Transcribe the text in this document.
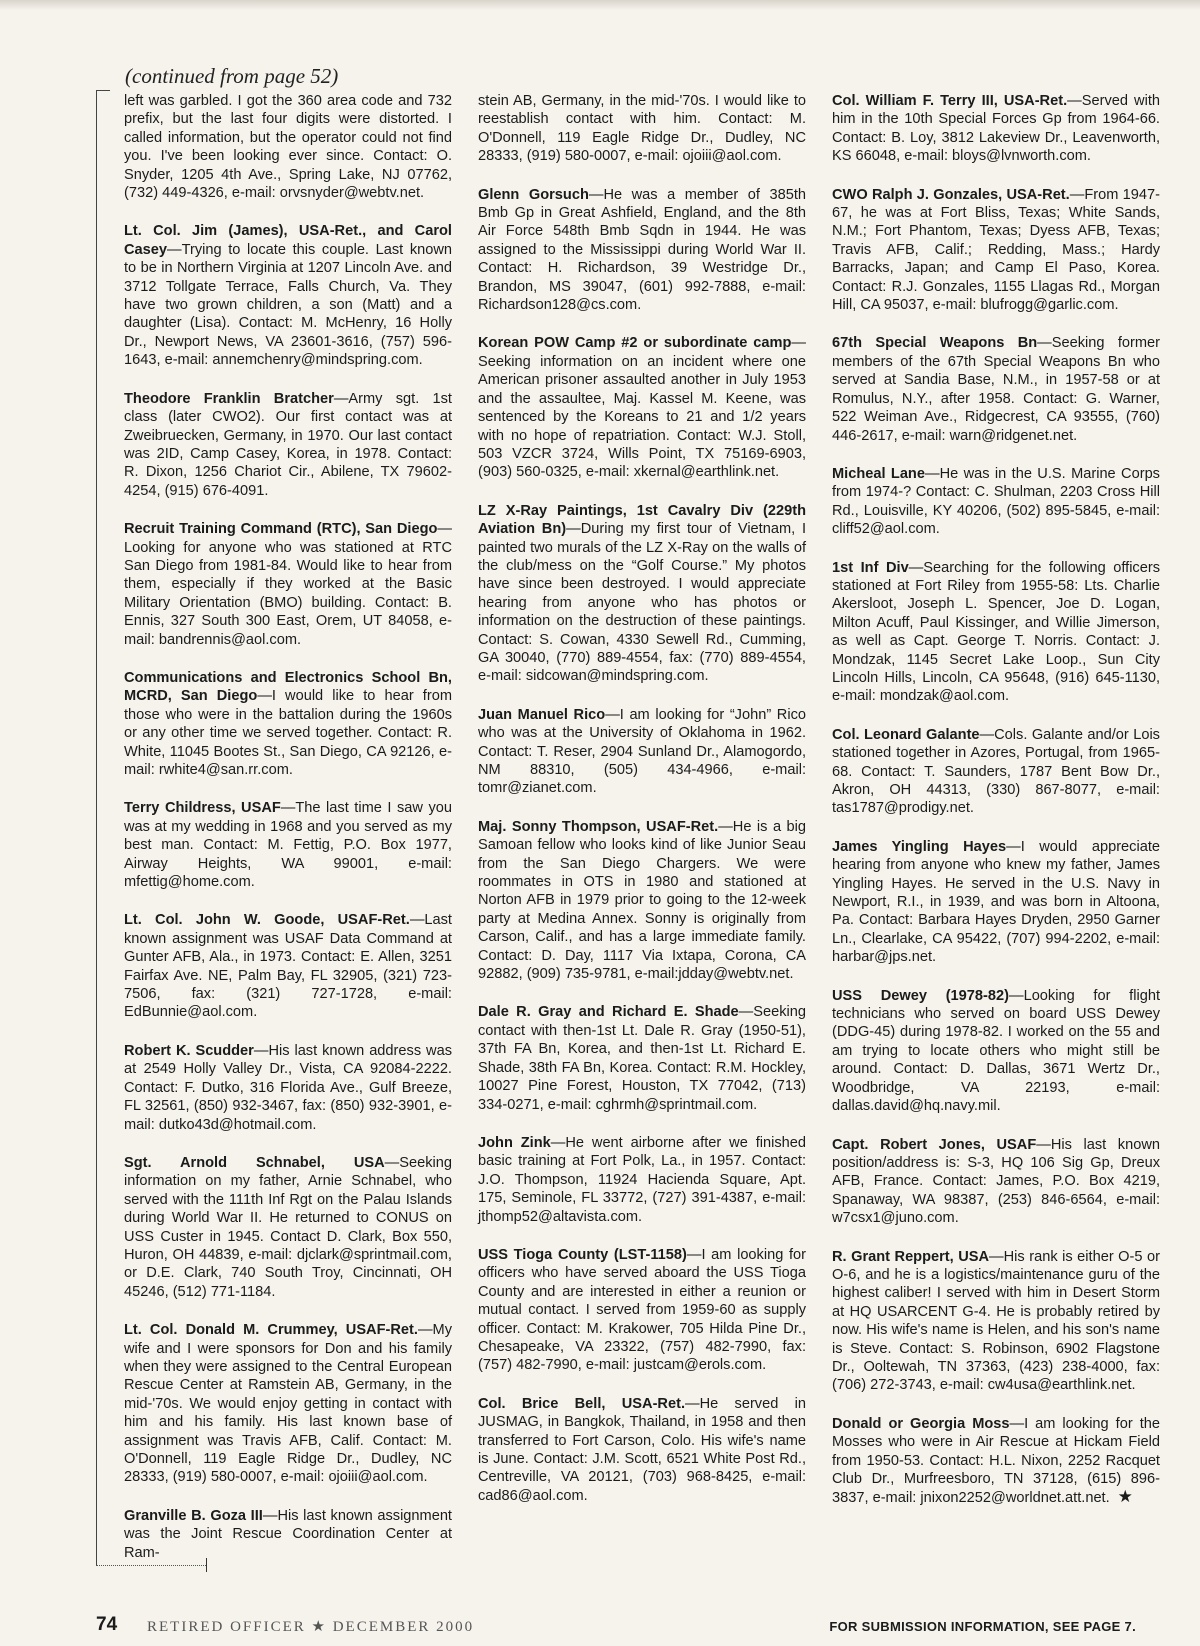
(continued from page 52)

left was garbled. I got the 360 area code and 732 prefix, but the last four digits were distorted. I called information, but the operator could not find you. I've been looking ever since. Contact: O. Snyder, 1205 4th Ave., Spring Lake, NJ 07762, (732) 449-4326, e-mail: orvsnyder@webtv.net.

Lt. Col. Jim (James), USA-Ret., and Carol Casey—Trying to locate this couple. Last known to be in Northern Virginia at 1207 Lincoln Ave. and 3712 Tollgate Terrace, Falls Church, Va. They have two grown children, a son (Matt) and a daughter (Lisa). Contact: M. McHenry, 16 Holly Dr., Newport News, VA 23601-3616, (757) 596-1643, e-mail: annemchenry@mindspring.com.

Theodore Franklin Bratcher—Army sgt. 1st class (later CWO2). Our first contact was at Zweibruecken, Germany, in 1970. Our last contact was 2ID, Camp Casey, Korea, in 1978. Contact: R. Dixon, 1256 Chariot Cir., Abilene, TX 79602-4254, (915) 676-4091.

Recruit Training Command (RTC), San Diego—Looking for anyone who was stationed at RTC San Diego from 1981-84. Would like to hear from them, especially if they worked at the Basic Military Orientation (BMO) building. Contact: B. Ennis, 327 South 300 East, Orem, UT 84058, e-mail: bandrennis@aol.com.

Communications and Electronics School Bn, MCRD, San Diego—I would like to hear from those who were in the battalion during the 1960s or any other time we served together. Contact: R. White, 11045 Bootes St., San Diego, CA 92126, e-mail: rwhite4@san.rr.com.

Terry Childress, USAF—The last time I saw you was at my wedding in 1968 and you served as my best man. Contact: M. Fettig, P.O. Box 1977, Airway Heights, WA 99001, e-mail: mfettig@home.com.

Lt. Col. John W. Goode, USAF-Ret.—Last known assignment was USAF Data Command at Gunter AFB, Ala., in 1973. Contact: E. Allen, 3251 Fairfax Ave. NE, Palm Bay, FL 32905, (321) 723-7506, fax: (321) 727-1728, e-mail: EdBunnie@aol.com.

Robert K. Scudder—His last known address was at 2549 Holly Valley Dr., Vista, CA 92084-2222. Contact: F. Dutko, 316 Florida Ave., Gulf Breeze, FL 32561, (850) 932-3467, fax: (850) 932-3901, e-mail: dutko43d@hotmail.com.

Sgt. Arnold Schnabel, USA—Seeking information on my father, Arnie Schnabel, who served with the 111th Inf Rgt on the Palau Islands during World War II. He returned to CONUS on USS Custer in 1945. Contact D. Clark, Box 550, Huron, OH 44839, e-mail: djclark@sprintmail.com, or D.E. Clark, 740 South Troy, Cincinnati, OH 45246, (512) 771-1184.

Lt. Col. Donald M. Crummey, USAF-Ret.—My wife and I were sponsors for Don and his family when they were assigned to the Central European Rescue Center at Ramstein AB, Germany, in the mid-'70s. We would enjoy getting in contact with him and his family. His last known base of assignment was Travis AFB, Calif. Contact: M. O'Donnell, 119 Eagle Ridge Dr., Dudley, NC 28333, (919) 580-0007, e-mail: ojoiii@aol.com.

Granville B. Goza III—His last known assignment was the Joint Rescue Coordination Center at Ram-

stein AB, Germany, in the mid-'70s. I would like to reestablish contact with him. Contact: M. O'Donnell, 119 Eagle Ridge Dr., Dudley, NC 28333, (919) 580-0007, e-mail: ojoiii@aol.com.

Glenn Gorsuch—He was a member of 385th Bmb Gp in Great Ashfield, England, and the 8th Air Force 548th Bmb Sqdn in 1944. He was assigned to the Mississippi during World War II. Contact: H. Richardson, 39 Westridge Dr., Brandon, MS 39047, (601) 992-7888, e-mail: Richardson128@cs.com.

Korean POW Camp #2 or subordinate camp—Seeking information on an incident where one American prisoner assaulted another in July 1953 and the assaultee, Maj. Kassel M. Keene, was sentenced by the Koreans to 21 and 1/2 years with no hope of repatriation. Contact: W.J. Stoll, 503 VZCR 3724, Wills Point, TX 75169-6903, (903) 560-0325, e-mail: xkernal@earthlink.net.

LZ X-Ray Paintings, 1st Cavalry Div (229th Aviation Bn)—During my first tour of Vietnam, I painted two murals of the LZ X-Ray on the walls of the club/mess on the “Golf Course.” My photos have since been destroyed. I would appreciate hearing from anyone who has photos or information on the destruction of these paintings. Contact: S. Cowan, 4330 Sewell Rd., Cumming, GA 30040, (770) 889-4554, fax: (770) 889-4554, e-mail: sidcowan@mindspring.com.

Juan Manuel Rico—I am looking for “John” Rico who was at the University of Oklahoma in 1962. Contact: T. Reser, 2904 Sunland Dr., Alamogordo, NM 88310, (505) 434-4966, e-mail: tomr@zianet.com.

Maj. Sonny Thompson, USAF-Ret.—He is a big Samoan fellow who looks kind of like Junior Seau from the San Diego Chargers. We were roommates in OTS in 1980 and stationed at Norton AFB in 1979 prior to going to the 12-week party at Medina Annex. Sonny is originally from Carson, Calif., and has a large immediate family. Contact: D. Day, 1117 Via Ixtapa, Corona, CA 92882, (909) 735-9781, e-mail:jdday@webtv.net.

Dale R. Gray and Richard E. Shade—Seeking contact with then-1st Lt. Dale R. Gray (1950-51), 37th FA Bn, Korea, and then-1st Lt. Richard E. Shade, 38th FA Bn, Korea. Contact: R.M. Hockley, 10027 Pine Forest, Houston, TX 77042, (713) 334-0271, e-mail: cghrmh@sprintmail.com.

John Zink—He went airborne after we finished basic training at Fort Polk, La., in 1957. Contact: J.O. Thompson, 11924 Hacienda Square, Apt. 175, Seminole, FL 33772, (727) 391-4387, e-mail: jthomp52@altavista.com.

USS Tioga County (LST-1158)—I am looking for officers who have served aboard the USS Tioga County and are interested in either a reunion or mutual contact. I served from 1959-60 as supply officer. Contact: M. Krakower, 705 Hilda Pine Dr., Chesapeake, VA 23322, (757) 482-7990, fax: (757) 482-7990, e-mail: justcam@erols.com.

Col. Brice Bell, USA-Ret.—He served in JUSMAG, in Bangkok, Thailand, in 1958 and then transferred to Fort Carson, Colo. His wife's name is June. Contact: J.M. Scott, 6521 White Post Rd., Centreville, VA 20121, (703) 968-8425, e-mail: cad86@aol.com.

Col. William F. Terry III, USA-Ret.—Served with him in the 10th Special Forces Gp from 1964-66. Contact: B. Loy, 3812 Lakeview Dr., Leavenworth, KS 66048, e-mail: bloys@lvnworth.com.

CWO Ralph J. Gonzales, USA-Ret.—From 1947-67, he was at Fort Bliss, Texas; White Sands, N.M.; Fort Phantom, Texas; Dyess AFB, Texas; Travis AFB, Calif.; Redding, Mass.; Hardy Barracks, Japan; and Camp El Paso, Korea. Contact: R.J. Gonzales, 1155 Llagas Rd., Morgan Hill, CA 95037, e-mail: blufrogg@garlic.com.

67th Special Weapons Bn—Seeking former members of the 67th Special Weapons Bn who served at Sandia Base, N.M., in 1957-58 or at Romulus, N.Y., after 1958. Contact: G. Warner, 522 Weiman Ave., Ridgecrest, CA 93555, (760) 446-2617, e-mail: warn@ridgenet.net.

Micheal Lane—He was in the U.S. Marine Corps from 1974-? Contact: C. Shulman, 2203 Cross Hill Rd., Louisville, KY 40206, (502) 895-5845, e-mail: cliff52@aol.com.

1st Inf Div—Searching for the following officers stationed at Fort Riley from 1955-58: Lts. Charlie Akersloot, Joseph L. Spencer, Joe D. Logan, Milton Acuff, Paul Kissinger, and Willie Jimerson, as well as Capt. George T. Norris. Contact: J. Mondzak, 1145 Secret Lake Loop., Sun City Lincoln Hills, Lincoln, CA 95648, (916) 645-1130, e-mail: mondzak@aol.com.

Col. Leonard Galante—Cols. Galante and/or Lois stationed together in Azores, Portugal, from 1965-68. Contact: T. Saunders, 1787 Bent Bow Dr., Akron, OH 44313, (330) 867-8077, e-mail: tas1787@prodigy.net.

James Yingling Hayes—I would appreciate hearing from anyone who knew my father, James Yingling Hayes. He served in the U.S. Navy in Newport, R.I., in 1939, and was born in Altoona, Pa. Contact: Barbara Hayes Dryden, 2950 Garner Ln., Clearlake, CA 95422, (707) 994-2202, e-mail: harbar@jps.net.

USS Dewey (1978-82)—Looking for flight technicians who served on board USS Dewey (DDG-45) during 1978-82. I worked on the 55 and am trying to locate others who might still be around. Contact: D. Dallas, 3671 Wertz Dr., Woodbridge, VA 22193, e-mail: dallas.david@hq.navy.mil.

Capt. Robert Jones, USAF—His last known position/address is: S-3, HQ 106 Sig Gp, Dreux AFB, France. Contact: James, P.O. Box 4219, Spanaway, WA 98387, (253) 846-6564, e-mail: w7csx1@juno.com.

R. Grant Reppert, USA—His rank is either O-5 or O-6, and he is a logistics/maintenance guru of the highest caliber! I served with him in Desert Storm at HQ USARCENT G-4. He is probably retired by now. His wife's name is Helen, and his son's name is Steve. Contact: S. Robinson, 6902 Flagstone Dr., Ooltewah, TN 37363, (423) 238-4000, fax: (706) 272-3743, e-mail: cw4usa@earthlink.net.

Donald or Georgia Moss—I am looking for the Mosses who were in Air Rescue at Hickam Field from 1950-53. Contact: H.L. Nixon, 2252 Racquet Club Dr., Murfreesboro, TN 37128, (615) 896-3837, e-mail: jnixon2252@worldnet.att.net. ★

74 RETIRED OFFICER ★ DECEMBER 2000	FOR SUBMISSION INFORMATION, SEE PAGE 7.
